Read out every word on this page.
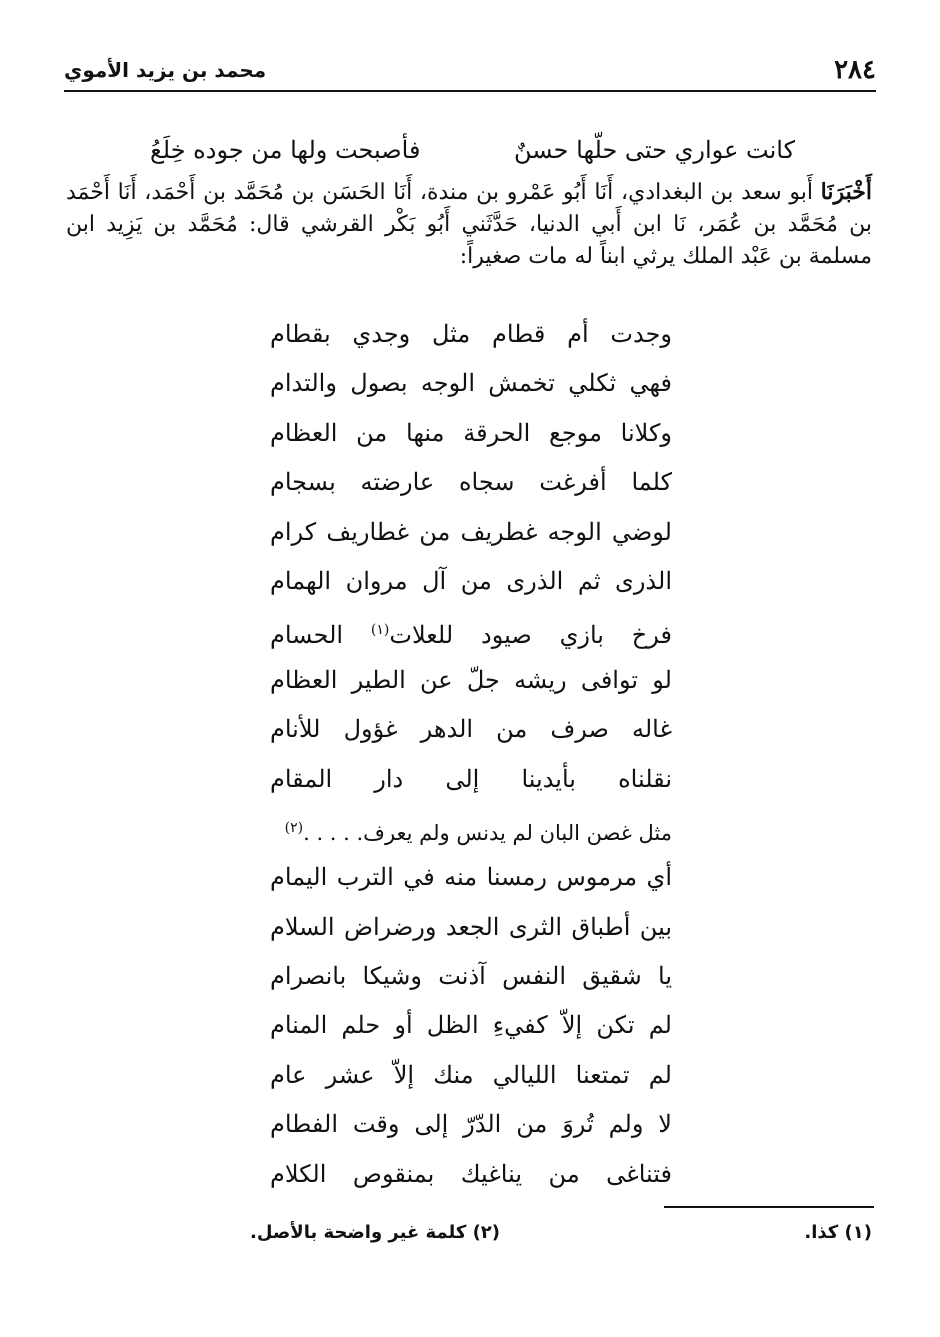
٢٨٤
محمد بن يزيد الأموي
كانت عواري حتى حلّها حسنٌ
فأصبحت ولها من جوده خِلَعُ
أَخْبَرَنَا أَبو سعد بن البغدادي، أَنَا أَبُو عَمْرو بن مندة، أَنَا الحَسَن بن مُحَمَّد بن أَحْمَد، أَنَا أَحْمَد بن مُحَمَّد بن عُمَر، نَا ابن أَبي الدنيا، حَدَّثَني أَبُو بَكْر القرشي قال: مُحَمَّد بن يَزِيد ابن مسلمة بن عَبْد الملك يرثي ابناً له مات صغيراً:
وجدت أم قطام مثل وجدي بقطام
فهي ثكلي تخمش الوجه بصول والتدام
وكلانا موجع الحرقة منها من العظام
كلما أفرغت سجاه عارضته بسجام
لوضي الوجه غطريف من غطاريف كرام
الذرى ثم الذرى من آل مروان الهمام
فرخ بازي صيود للعلات$^{(١)}$ الحسام
لو توافى ريشه جلّ عن الطير العظام
غاله صرف من الدهر غؤول للأنام
نقلناه بأيدينا إلى دار المقام
مثل غصن البان لم يدنس ولم يعرف. . . . .$^{(٢)}$
أي مرموس رمسنا منه في الترب اليمام
بين أطباق الثرى الجعد ورضراض السلام
يا شقيق النفس آذنت وشيكا بانصرام
لم تكن إلاّ كفيءِ الظل أو حلم المنام
لم تمتعنا الليالي منك إلاّ عشر عام
لا ولم تُروَ من الدّرّ إلى وقت الفطام
فتناغى من يناغيك بمنقوص الكلام
(١) كذا.
(٢) كلمة غير واضحة بالأصل.
